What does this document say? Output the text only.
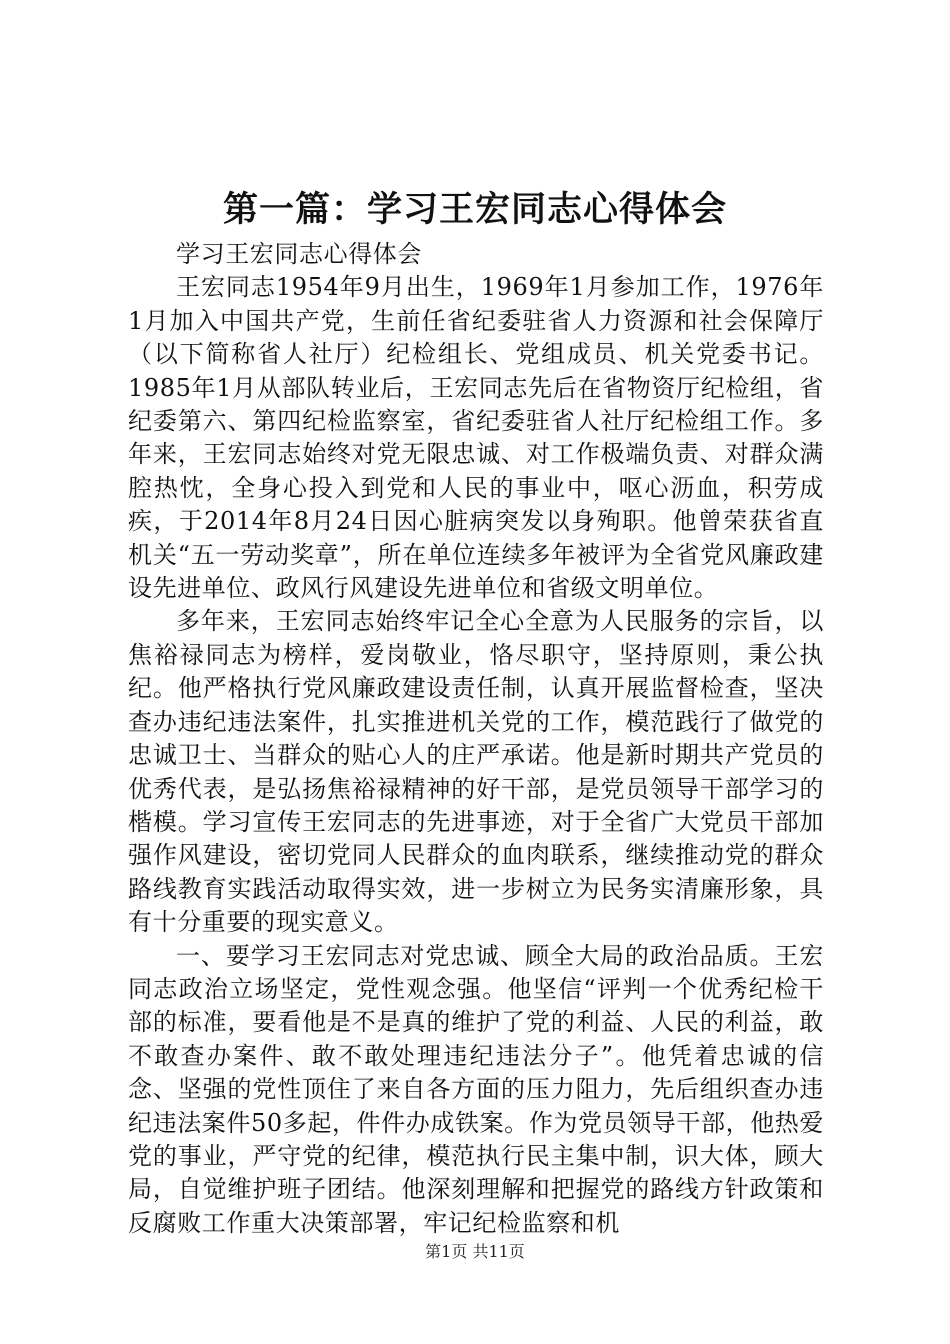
第一篇：学习王宏同志心得体会

学习王宏同志心得体会

王宏同志1954年9月出生，1969年1月参加工作，1976年1月加入中国共产党，生前任省纪委驻省人力资源和社会保障厅（以下简称省人社厅）纪检组长、党组成员、机关党委书记。1985年1月从部队转业后，王宏同志先后在省物资厅纪检组，省纪委第六、第四纪检监察室，省纪委驻省人社厅纪检组工作。多年来，王宏同志始终对党无限忠诚、对工作极端负责、对群众满腔热忱，全身心投入到党和人民的事业中，呕心沥血，积劳成疾，于2014年8月24日因心脏病突发以身殉职。他曾荣获省直机关“五一劳动奖章”，所在单位连续多年被评为全省党风廉政建设先进单位、政风行风建设先进单位和省级文明单位。

多年来，王宏同志始终牢记全心全意为人民服务的宗旨，以焦裕禄同志为榜样，爱岗敬业，恪尽职守，坚持原则，秉公执纪。他严格执行党风廉政建设责任制，认真开展监督检查，坚决查办违纪违法案件，扎实推进机关党的工作，模范践行了做党的忠诚卫士、当群众的贴心人的庄严承诺。他是新时期共产党员的优秀代表，是弘扬焦裕禄精神的好干部，是党员领导干部学习的楷模。学习宣传王宏同志的先进事迹，对于全省广大党员干部加强作风建设，密切党同人民群众的血肉联系，继续推动党的群众路线教育实践活动取得实效，进一步树立为民务实清廉形象，具有十分重要的现实意义。

一、要学习王宏同志对党忠诚、顾全大局的政治品质。王宏同志政治立场坚定，党性观念强。他坚信“评判一个优秀纪检干部的标准，要看他是不是真的维护了党的利益、人民的利益，敢不敢查办案件、敢不敢处理违纪违法分子”。他凭着忠诚的信念、坚强的党性顶住了来自各方面的压力阻力，先后组织查办违纪违法案件50多起，件件办成铁案。作为党员领导干部，他热爱党的事业，严守党的纪律，模范执行民主集中制，识大体，顾大局，自觉维护班子团结。他深刻理解和把握党的路线方针政策和反腐败工作重大决策部署，牢记纪检监察和机

第1页 共11页
